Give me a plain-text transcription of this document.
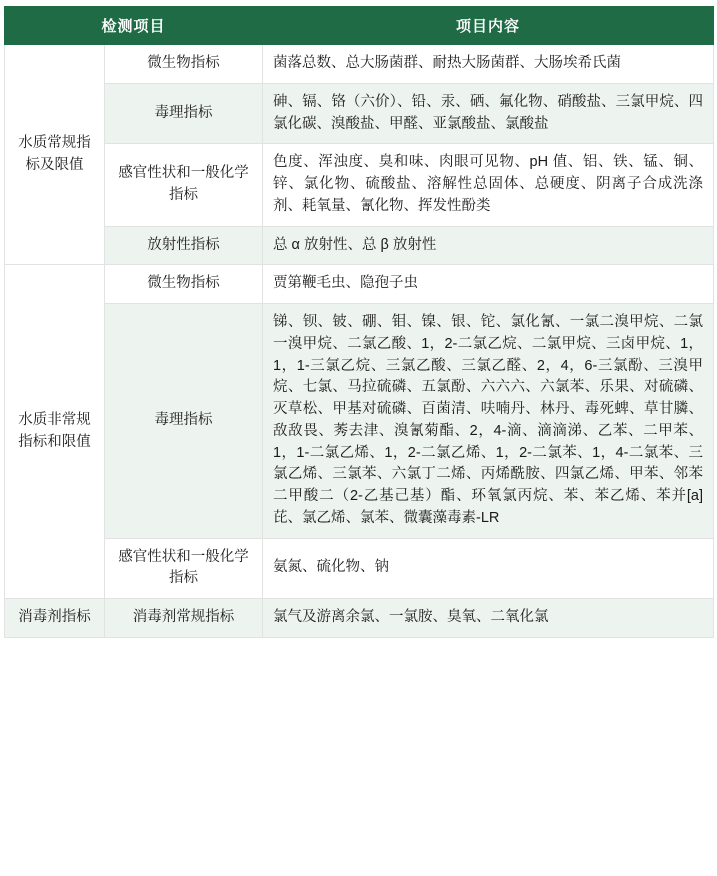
检测项目		项目内容
水质常规指标及限值	微生物指标	菌落总数、总大肠菌群、耐热大肠菌群、大肠埃希氏菌

	毒理指标	砷、镉、铬（六价）、铅、汞、硒、氟化物、硝酸盐、三氯甲烷、四氯化碳、溴酸盐、甲醛、亚氯酸盐、氯酸盐

	感官性状和一般化学指标	色度、浑浊度、臭和味、肉眼可见物、pH 值、铝、铁、锰、铜、锌、氯化物、硫酸盐、溶解性总固体、总硬度、阴离子合成洗涤剂、耗氧量、氰化物、挥发性酚类

	放射性指标	总 α 放射性、总 β 放射性

水质非常规指标和限值	微生物指标	贾第鞭毛虫、隐孢子虫

	毒理指标	锑、钡、铍、硼、钼、镍、银、铊、氯化氰、一氯二溴甲烷、二氯一溴甲烷、二氯乙酸、1，2-二氯乙烷、二氯甲烷、三卤甲烷、1，1，1-三氯乙烷、三氯乙酸、三氯乙醛、2，4，6-三氯酚、三溴甲烷、七氯、马拉硫磷、五氯酚、六六六、六氯苯、乐果、对硫磷、灭草松、甲基对硫磷、百菌清、呋喃丹、林丹、毒死蜱、草甘膦、敌敌畏、莠去津、溴氰菊酯、2，4-滴、滴滴涕、乙苯、二甲苯、1，1-二氯乙烯、1，2-二氯乙烯、1，2-二氯苯、1，4-二氯苯、三氯乙烯、三氯苯、六氯丁二烯、丙烯酰胺、四氯乙烯、甲苯、邻苯二甲酸二（2-乙基己基）酯、环氧氯丙烷、苯、苯乙烯、苯并[a]芘、氯乙烯、氯苯、微囊藻毒素-LR

	感官性状和一般化学指标	氨氮、硫化物、钠

消毒剂指标	消毒剂常规指标	氯气及游离余氯、一氯胺、臭氧、二氧化氯
